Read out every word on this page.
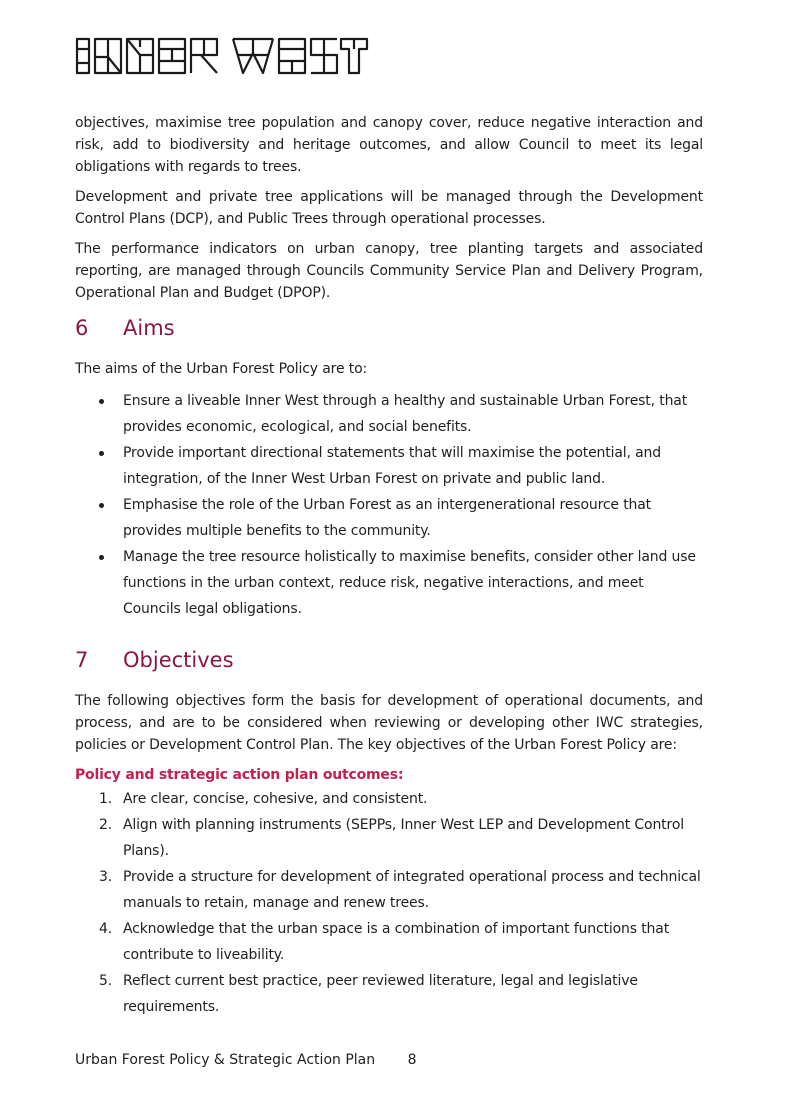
objectives, maximise tree population and canopy cover, reduce negative interaction and risk, add to biodiversity and heritage outcomes, and allow Council to meet its legal obligations with regards to trees.

Development and private tree applications will be managed through the Development Control Plans (DCP), and Public Trees through operational processes.

The performance indicators on urban canopy, tree planting targets and associated reporting, are managed through Councils Community Service Plan and Delivery Program, Operational Plan and Budget (DPOP).

6	Aims

The aims of the Urban Forest Policy are to:

Ensure a liveable Inner West through a healthy and sustainable Urban Forest, that provides economic, ecological, and social benefits.
Provide important directional statements that will maximise the potential, and integration, of the Inner West Urban Forest on private and public land.
Emphasise the role of the Urban Forest as an intergenerational resource that provides multiple benefits to the community.
Manage the tree resource holistically to maximise benefits, consider other land use functions in the urban context, reduce risk, negative interactions, and meet Councils legal obligations.
7	Objectives

The following objectives form the basis for development of operational documents, and process, and are to be considered when reviewing or developing other IWC strategies, policies or Development Control Plan. The key objectives of the Urban Forest Policy are:

Policy and strategic action plan outcomes:

1. Are clear, concise, cohesive, and consistent.
2. Align with planning instruments (SEPPs, Inner West LEP and Development Control Plans).
3. Provide a structure for development of integrated operational process and technical manuals to retain, manage and renew trees.
4. Acknowledge that the urban space is a combination of important functions that contribute to liveability.
5. Reflect current best practice, peer reviewed literature, legal and legislative requirements.
Urban Forest Policy & Strategic Action Plan 8
